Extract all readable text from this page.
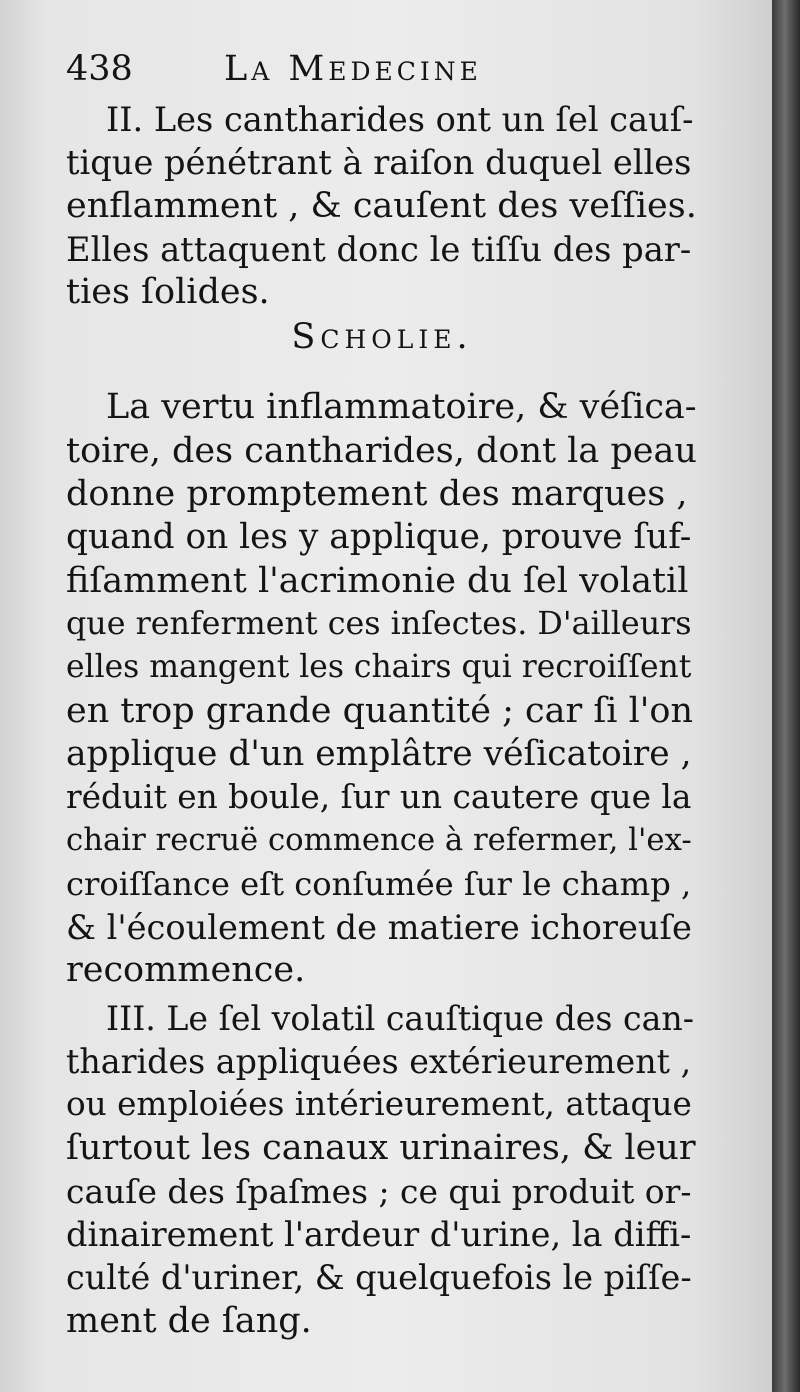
438	La Medecine

II. Les cantharides ont un ſel cauſ-
tique pénétrant à raiſon duquel elles
enflamment , & cauſent des veſſies.
Elles attaquent donc le tiſſu des par-
ties ſolides.

Scholie.

La vertu inflammatoire, & véſica-
toire, des cantharides, dont la peau
donne promptement des marques ,
quand on les y applique, prouve ſuf-
fiſamment l'acrimonie du ſel volatil
que renferment ces inſectes. D'ailleurs
elles mangent les chairs qui recroiſſent
en trop grande quantité ; car ſi l'on
applique d'un emplâtre véſicatoire ,
réduit en boule, ſur un cautere que la
chair recruë commence à refermer, l'ex-
croiſſance eſt conſumée ſur le champ ,
& l'écoulement de matiere ichoreuſe
recommence.

III. Le ſel volatil cauſtique des can-
tharides appliquées extérieurement ,
ou emploiées intérieurement, attaque
ſurtout les canaux urinaires, & leur
cauſe des ſpaſmes ; ce qui produit or-
dinairement l'ardeur d'urine, la diffi-
culté d'uriner, & quelquefois le piſſe-
ment de ſang.
